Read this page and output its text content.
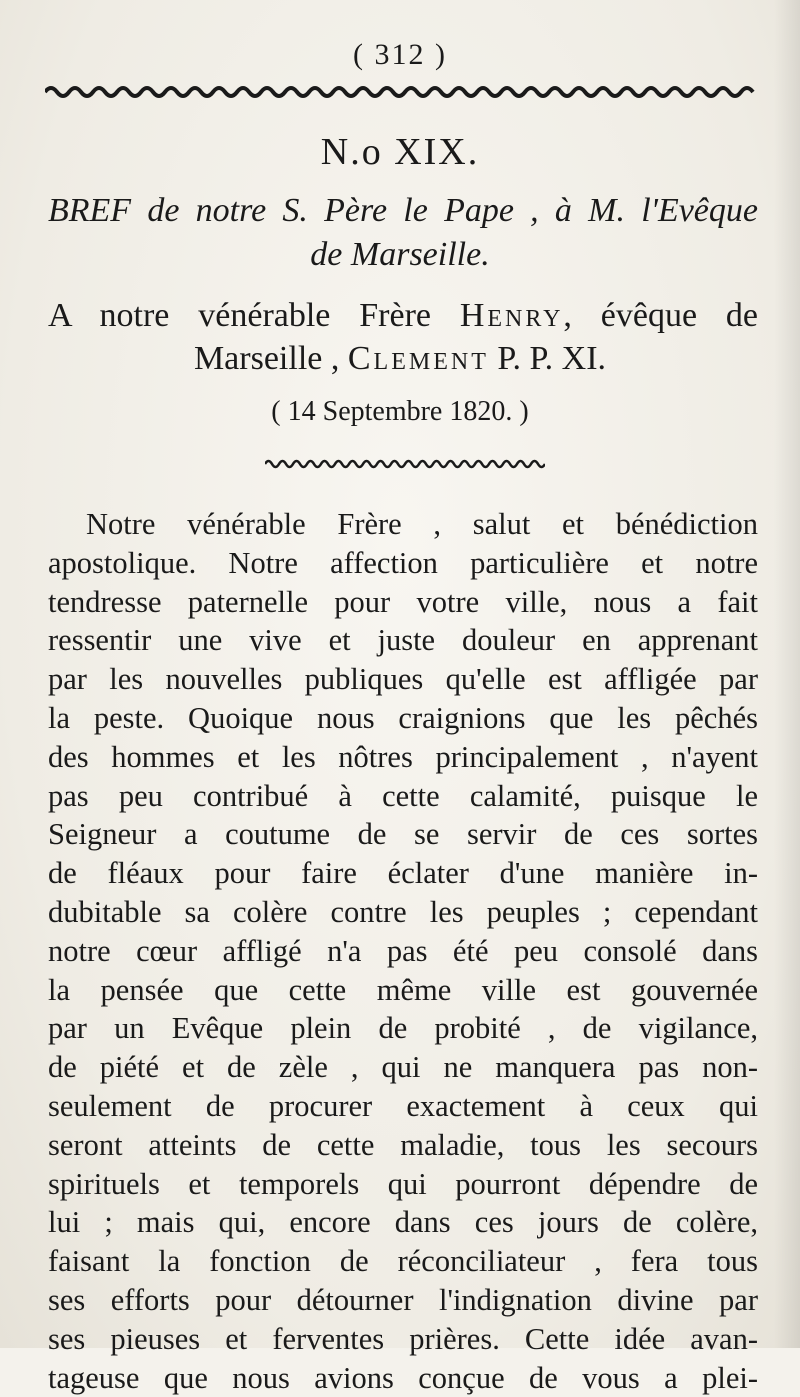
( 312 )
N.o XIX.
BREF de notre S. Père le Pape , à M. l'Evêque
de Marseille.
A notre vénérable Frère Henry, évêque de
Marseille , Clement P. P. XI.
( 14 Septembre 1820. )
Notre vénérable Frère , salut et bénédiction
apostolique. Notre affection particulière et notre
tendresse paternelle pour votre ville, nous a fait
ressentir une vive et juste douleur en apprenant
par les nouvelles publiques qu'elle est affligée par
la peste. Quoique nous craignions que les pêchés
des hommes et les nôtres principalement , n'ayent
pas peu contribué à cette calamité, puisque le
Seigneur a coutume de se servir de ces sortes
de fléaux pour faire éclater d'une manière in-
dubitable sa colère contre les peuples ; cependant
notre cœur affligé n'a pas été peu consolé dans
la pensée que cette même ville est gouvernée
par un Evêque plein de probité , de vigilance,
de piété et de zèle , qui ne manquera pas non-
seulement de procurer exactement à ceux qui
seront atteints de cette maladie, tous les secours
spirituels et temporels qui pourront dépendre de
lui ; mais qui, encore dans ces jours de colère,
faisant la fonction de réconciliateur , fera tous
ses efforts pour détourner l'indignation divine par
ses pieuses et ferventes prières. Cette idée avan-
tageuse que nous avions conçue de vous a plei-
